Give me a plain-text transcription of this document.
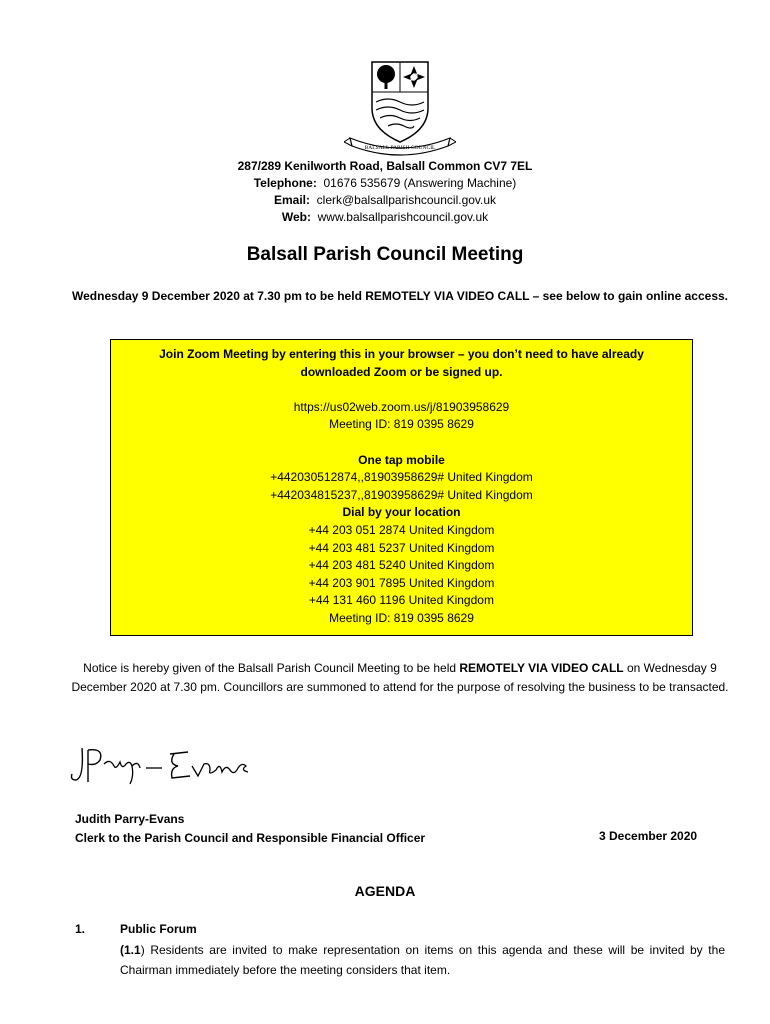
BALSALL PARISH COUNCIL
287/289 Kenilworth Road, Balsall Common CV7 7EL
Telephone: 01676 535679 (Answering Machine)
Email: clerk@balsallparishcouncil.gov.uk
Web: www.balsallparishcouncil.gov.uk
Balsall Parish Council Meeting
Wednesday 9 December 2020 at 7.30 pm to be held REMOTELY VIA VIDEO CALL – see below to gain online access.
Join Zoom Meeting by entering this in your browser – you don’t need to have already downloaded Zoom or be signed up.
https://us02web.zoom.us/j/81903958629
Meeting ID: 819 0395 8629
One tap mobile
+442030512874,,81903958629# United Kingdom
+442034815237,,81903958629# United Kingdom
Dial by your location
+44 203 051 2874 United Kingdom
+44 203 481 5237 United Kingdom
+44 203 481 5240 United Kingdom
+44 203 901 7895 United Kingdom
+44 131 460 1196 United Kingdom
Meeting ID: 819 0395 8629
Notice is hereby given of the Balsall Parish Council Meeting to be held REMOTELY VIA VIDEO CALL on Wednesday 9 December 2020 at 7.30 pm. Councillors are summoned to attend for the purpose of resolving the business to be transacted.
Judith Parry-Evans
Clerk to the Parish Council and Responsible Financial Officer	3 December 2020
AGENDA
1.	Public Forum
(1.1) Residents are invited to make representation on items on this agenda and these will be invited by the Chairman immediately before the meeting considers that item.
